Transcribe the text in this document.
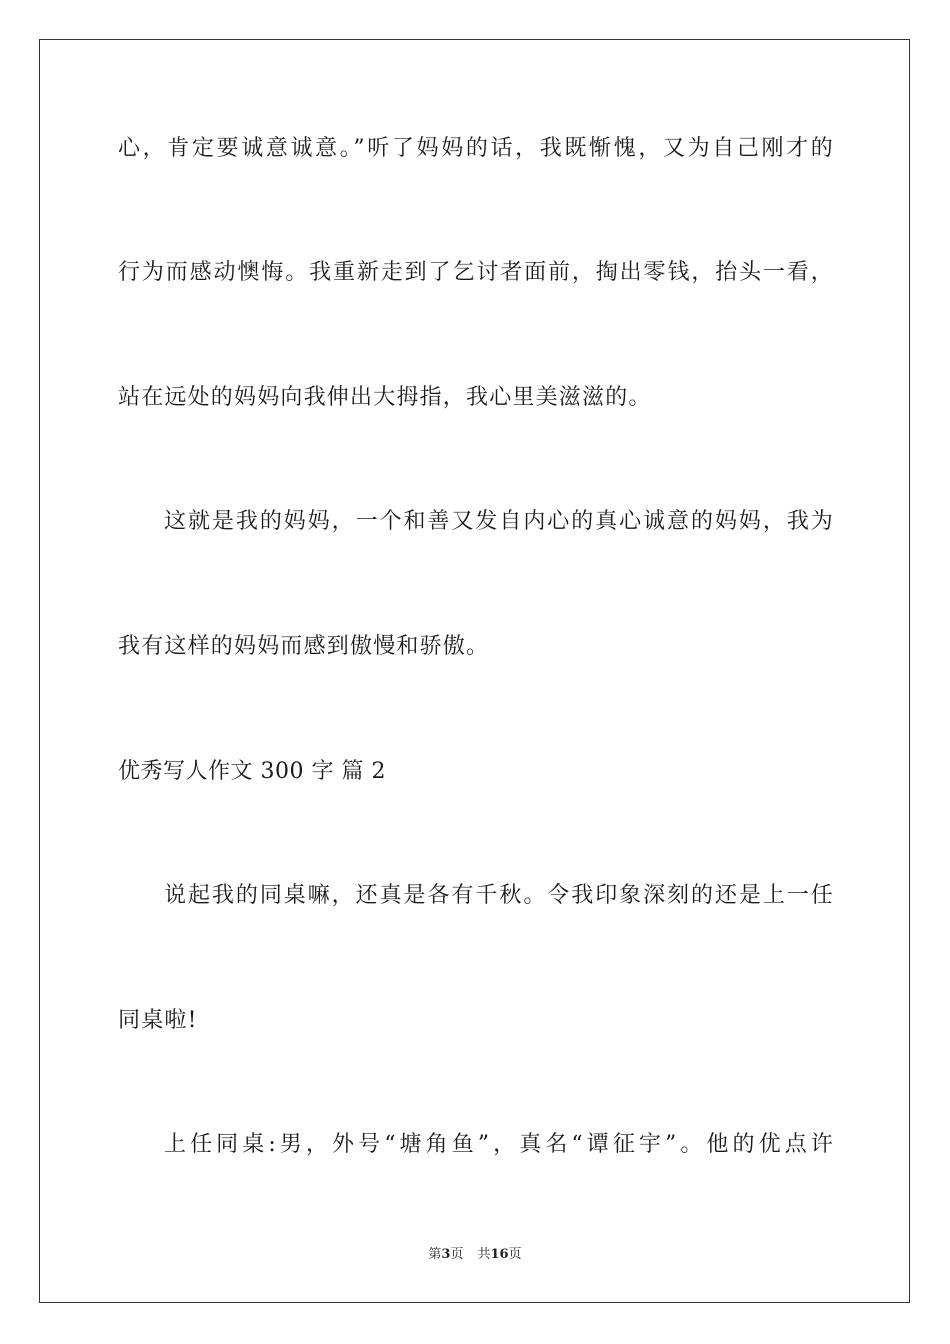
心，肯定要诚意诚意。”听了妈妈的话，我既惭愧，又为自己刚才的
行为而感动懊悔。我重新走到了乞讨者面前，掏出零钱，抬头一看，
站在远处的妈妈向我伸出大拇指，我心里美滋滋的。
这就是我的妈妈，一个和善又发自内心的真心诚意的妈妈，我为
我有这样的妈妈而感到傲慢和骄傲。
优秀写人作文 300 字 篇 2
说起我的同桌嘛，还真是各有千秋。令我印象深刻的还是上一任
同桌啦!
上任同桌:男，外号“塘角鱼”，真名“谭征宇”。他的优点许
第3页 共16页
